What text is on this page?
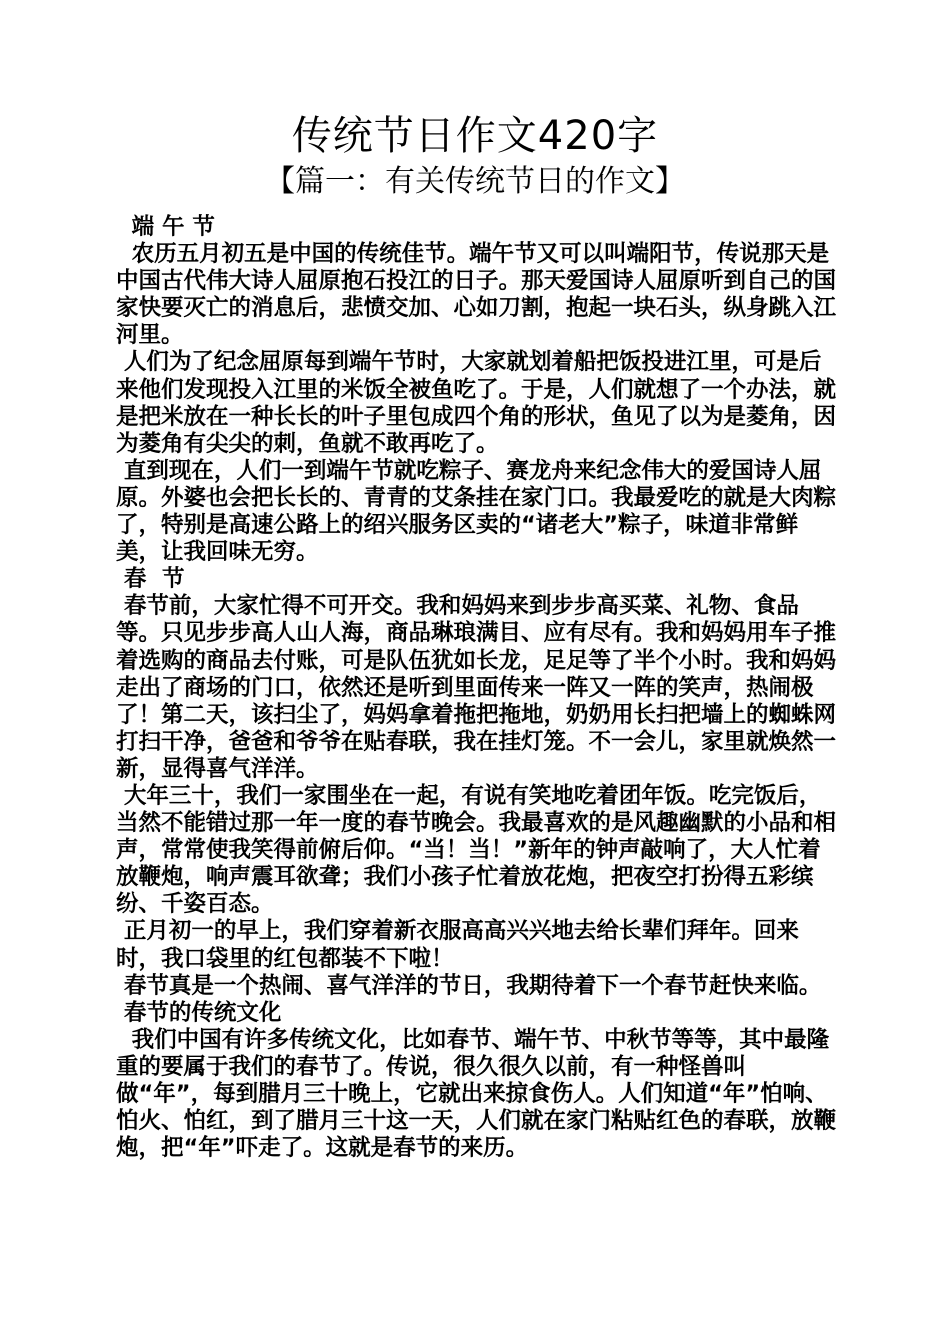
传统节日作文420字
【篇一：有关传统节日的作文】

端 午 节

农历五月初五是中国的传统佳节。端午节又可以叫端阳节，传说那天是中国古代伟大诗人屈原抱石投江的日子。那天爱国诗人屈原听到自己的国家快要灭亡的消息后，悲愤交加、心如刀割，抱起一块石头，纵身跳入江河里。

人们为了纪念屈原每到端午节时，大家就划着船把饭投进江里，可是后来他们发现投入江里的米饭全被鱼吃了。于是，人们就想了一个办法，就是把米放在一种长长的叶子里包成四个角的形状，鱼见了以为是菱角，因为菱角有尖尖的刺，鱼就不敢再吃了。

直到现在，人们一到端午节就吃粽子、赛龙舟来纪念伟大的爱国诗人屈原。外婆也会把长长的、青青的艾条挂在家门口。我最爱吃的就是大肉粽了，特别是高速公路上的绍兴服务区卖的“诸老大”粽子，味道非常鲜美，让我回味无穷。

春  节

春节前，大家忙得不可开交。我和妈妈来到步步高买菜、礼物、食品等。只见步步高人山人海，商品琳琅满目、应有尽有。我和妈妈用车子推着选购的商品去付账，可是队伍犹如长龙，足足等了半个小时。我和妈妈走出了商场的门口，依然还是听到里面传来一阵又一阵的笑声，热闹极了！第二天，该扫尘了，妈妈拿着拖把拖地，奶奶用长扫把墙上的蜘蛛网打扫干净，爸爸和爷爷在贴春联，我在挂灯笼。不一会儿，家里就焕然一新，显得喜气洋洋。

大年三十，我们一家围坐在一起，有说有笑地吃着团年饭。吃完饭后，当然不能错过那一年一度的春节晚会。我最喜欢的是风趣幽默的小品和相声，常常使我笑得前俯后仰。“当！当！”新年的钟声敲响了，大人忙着放鞭炮，响声震耳欲聋；我们小孩子忙着放花炮，把夜空打扮得五彩缤纷、千姿百态。

正月初一的早上，我们穿着新衣服高高兴兴地去给长辈们拜年。回来时，我口袋里的红包都装不下啦！

春节真是一个热闹、喜气洋洋的节日，我期待着下一个春节赶快来临。

春节的传统文化

我们中国有许多传统文化，比如春节、端午节、中秋节等等，其中最隆重的要属于我们的春节了。传说，很久很久以前，有一种怪兽叫做“年”，每到腊月三十晚上，它就出来掠食伤人。人们知道“年”怕响、怕火、怕红，到了腊月三十这一天，人们就在家门粘贴红色的春联，放鞭炮，把“年”吓走了。这就是春节的来历。
